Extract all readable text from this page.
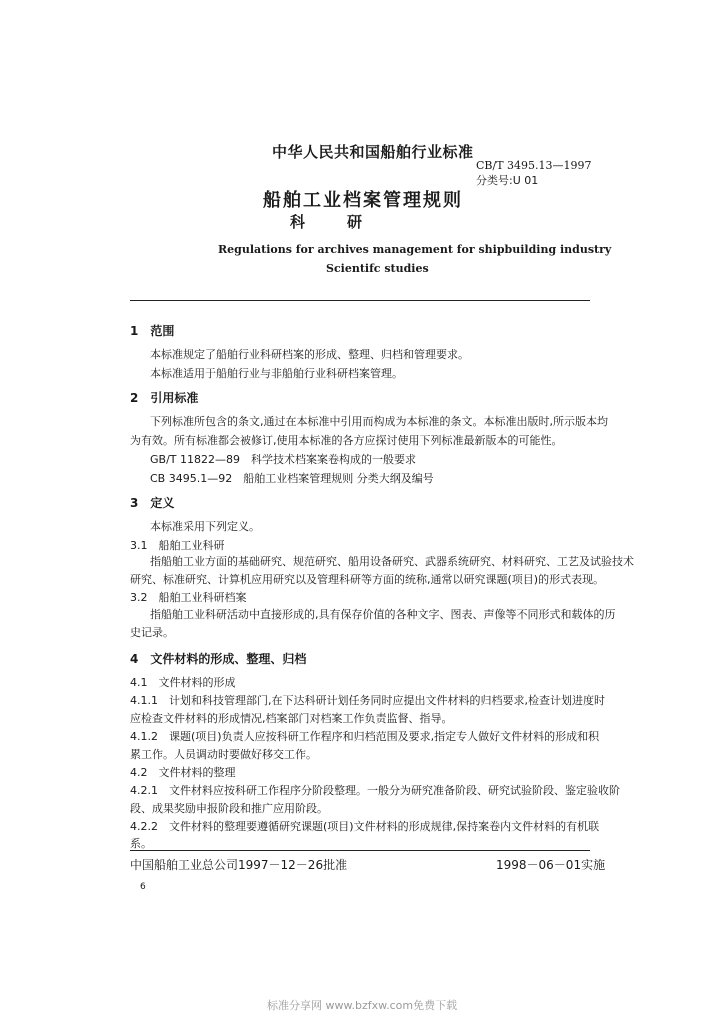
中华人民共和国船舶行业标准
CB/T 3495.13—1997
分类号:U 01
船舶工业档案管理规则
科研
Regulations for archives management for shipbuilding industry
Scientifc studies
1　范围
本标准规定了船舶行业科研档案的形成、整理、归档和管理要求。
本标准适用于船舶行业与非船舶行业科研档案管理。
2　引用标准
下列标准所包含的条文,通过在本标准中引用而构成为本标准的条文。本标准出版时,所示版本均
为有效。所有标准都会被修订,使用本标准的各方应探讨使用下列标准最新版本的可能性。
GB/T 11822—89　科学技术档案案卷构成的一般要求
CB 3495.1—92　船舶工业档案管理规则 分类大纲及编号
3　定义
本标准采用下列定义。
3.1　船舶工业科研
指船舶工业方面的基础研究、规范研究、船用设备研究、武器系统研究、材料研究、工艺及试验技术
研究、标准研究、计算机应用研究以及管理科研等方面的统称,通常以研究课题(项目)的形式表现。
3.2　船舶工业科研档案
指船舶工业科研活动中直接形成的,具有保存价值的各种文字、图表、声像等不同形式和载体的历
史记录。
4　文件材料的形成、整理、归档
4.1　文件材料的形成
4.1.1　计划和科技管理部门,在下达科研计划任务同时应提出文件材料的归档要求,检查计划进度时
应检查文件材料的形成情况,档案部门对档案工作负责监督、指导。
4.1.2　课题(项目)负责人应按科研工作程序和归档范围及要求,指定专人做好文件材料的形成和积
累工作。人员调动时要做好移交工作。
4.2　文件材料的整理
4.2.1　文件材料应按科研工作程序分阶段整理。一般分为研究准备阶段、研究试验阶段、鉴定验收阶
段、成果奖励申报阶段和推广应用阶段。
4.2.2　文件材料的整理要遵循研究课题(项目)文件材料的形成规律,保持案卷内文件材料的有机联
系。
中国船舶工业总公司1997－12－26批准	1998－06－01实施
6
标准分享网 www.bzfxw.com免费下载
